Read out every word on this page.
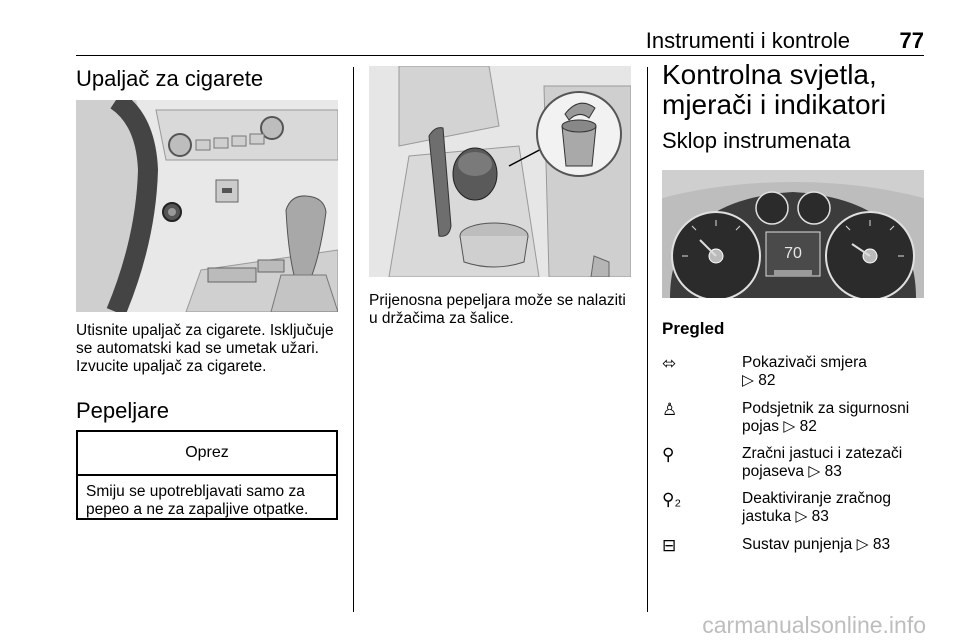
Instrumenti i kontrole	77
Upaljač za cigarete
Utisnite upaljač za cigarete. Isključuje se automatski kad se umetak užari. Izvucite upaljač za cigarete.
Pepeljare
Oprez
Smiju se upotrebljavati samo za pepeo a ne za zapaljive otpatke.
Prijenosna pepeljara može se nalaziti u držačima za šalice.
Kontrolna svjetla, mjerači i indikatori
Sklop instrumenata
70
Pregled
⬄	Pokazivači smjera
▷ 82
♙	Podsjetnik za sigurnosni pojas ▷ 82
⚲	Zračni jastuci i zatezači pojaseva ▷ 83
⚲₂	Deaktiviranje zračnog jastuka ▷ 83
⊟	Sustav punjenja ▷ 83
carmanualsonline.info
